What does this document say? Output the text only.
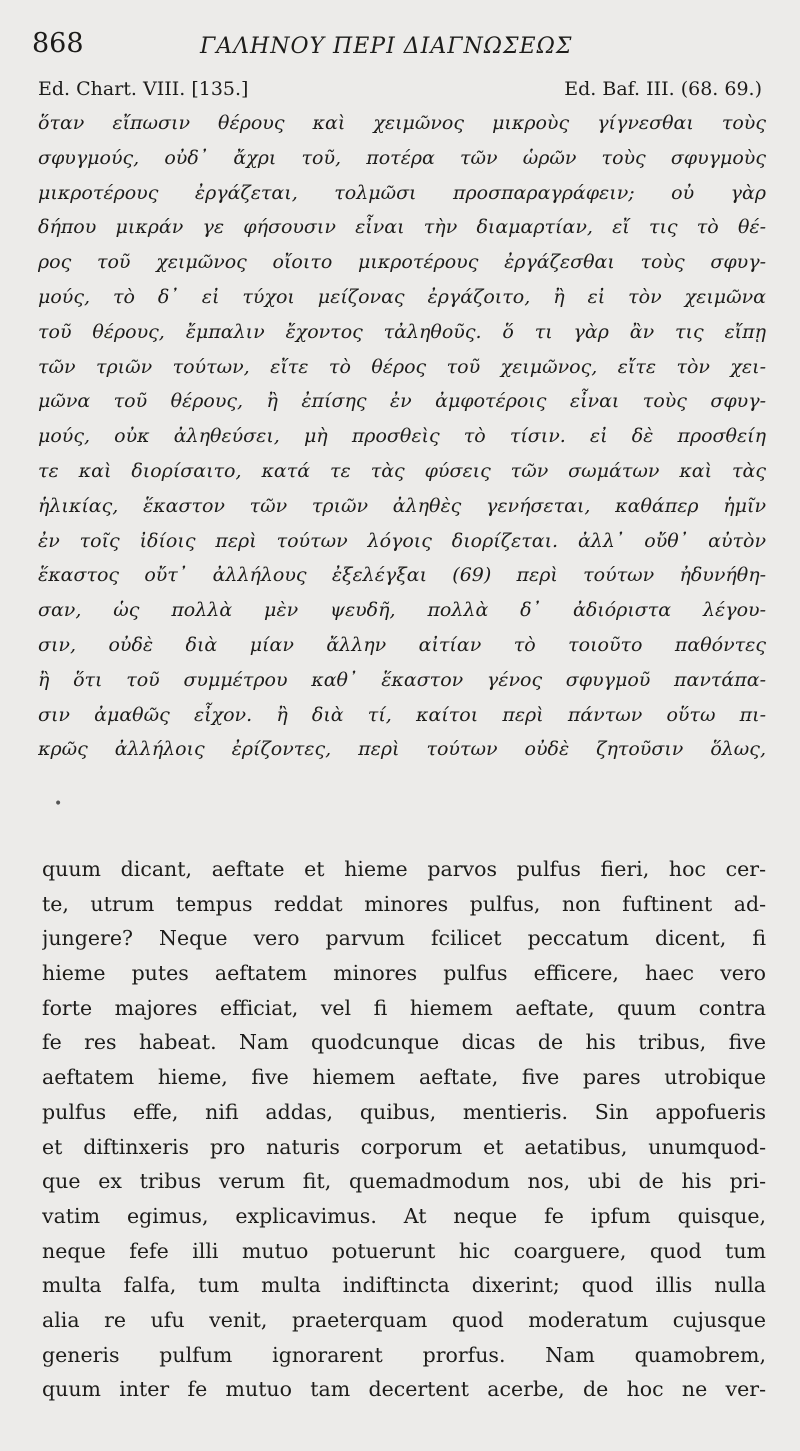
868	ΓΑΛΗΝΟΥ ΠΕΡΙ ΔΙΑΓΝΩΣΕΩΣ
Ed. Chart. VIII. [135.]	Ed. Baf. III. (68. 69.)
ὅταν εἴπωσιν θέρους καὶ χειμῶνος μικροὺς γίγνεσθαι τοὺς
σφυγμούς, οὐδ᾽ ἄχρι τοῦ, ποτέρα τῶν ὡρῶν τοὺς σφυγμοὺς
μικροτέρους ἐργάζεται, τολμῶσι προσπαραγράφειν; οὐ γὰρ
δήπου μικράν γε φήσουσιν εἶναι τὴν διαμαρτίαν, εἴ τις τὸ θέ-
ρος τοῦ χειμῶνος οἴοιτο μικροτέρους ἐργάζεσθαι τοὺς σφυγ-
μούς, τὸ δ᾽ εἰ τύχοι μείζονας ἐργάζοιτο, ἢ εἰ τὸν χειμῶνα
τοῦ θέρους, ἔμπαλιν ἔχοντος τἀληθοῦς. ὅ τι γὰρ ἂν τις εἴπῃ
τῶν τριῶν τούτων, εἴτε τὸ θέρος τοῦ χειμῶνος, εἴτε τὸν χει-
μῶνα τοῦ θέρους, ἢ ἐπίσης ἐν ἀμφοτέροις εἶναι τοὺς σφυγ-
μούς, οὐκ ἀληθεύσει, μὴ προσθεὶς τὸ τίσιν. εἰ δὲ προσθείη
τε καὶ διορίσαιτο, κατά τε τὰς φύσεις τῶν σωμάτων καὶ τὰς
ἡλικίας, ἕκαστον τῶν τριῶν ἀληθὲς γενήσεται, καθάπερ ἡμῖν
ἐν τοῖς ἰδίοις περὶ τούτων λόγοις διορίζεται. ἀλλ᾽ οὔθ᾽ αὐτὸν
ἕκαστος οὔτ᾽ ἀλλήλους ἐξελέγξαι (69) περὶ τούτων ἠδυνήθη-
σαν, ὡς πολλὰ μὲν ψευδῆ, πολλὰ δ᾽ ἀδιόριστα λέγου-
σιν, οὐδὲ διὰ μίαν ἄλλην αἰτίαν τὸ τοιοῦτο παθόντες
ἢ ὅτι τοῦ συμμέτρου καθ᾽ ἕκαστον γένος σφυγμοῦ παντάπα-
σιν ἀμαθῶς εἶχον. ἢ διὰ τί, καίτοι περὶ πάντων οὕτω πι-
κρῶς ἀλλήλοις ἐρίζοντες, περὶ τούτων οὐδὲ ζητοῦσιν ὅλως,
•
quum dicant, aeftate et hieme parvos pulfus fieri, hoc cer-
te, utrum tempus reddat minores pulfus, non fuftinent ad-
jungere? Neque vero parvum fcilicet peccatum dicent, fi
hieme putes aeftatem minores pulfus efficere, haec vero
forte majores efficiat, vel fi hiemem aeftate, quum contra
fe res habeat. Nam quodcunque dicas de his tribus, five
aeftatem hieme, five hiemem aeftate, five pares utrobique
pulfus effe, nifi addas, quibus, mentieris. Sin appofueris
et diftinxeris pro naturis corporum et aetatibus, unumquod-
que ex tribus verum fit, quemadmodum nos, ubi de his pri-
vatim egimus, explicavimus. At neque fe ipfum quisque,
neque fefe illi mutuo potuerunt hic coarguere, quod tum
multa falfa, tum multa indiftincta dixerint; quod illis nulla
alia re ufu venit, praeterquam quod moderatum cujusque
generis pulfum ignorarent prorfus. Nam quamobrem,
quum inter fe mutuo tam decertent acerbe, de hoc ne ver-
